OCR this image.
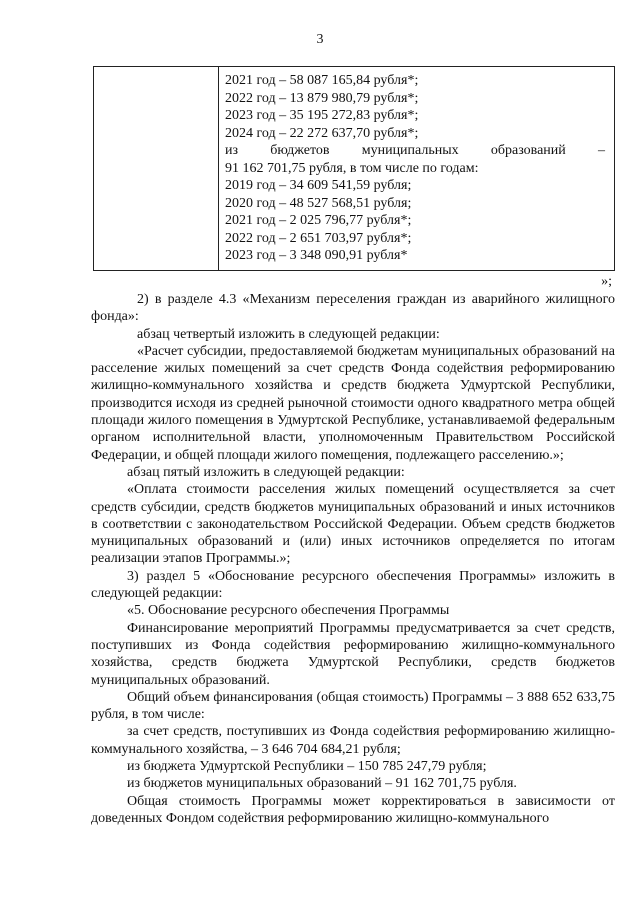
3
2021 год – 58 087 165,84 рубля*;
2022 год – 13 879 980,79 рубля*;
2023 год – 35 195 272,83 рубля*;
2024 год – 22 272 637,70 рубля*;
из бюджетов муниципальных образований –
91 162 701,75 рубля, в том числе по годам:
2019 год – 34 609 541,59 рубля;
2020 год – 48 527 568,51 рубля;
2021 год – 2 025 796,77 рубля*;
2022 год – 2 651 703,97 рубля*;
2023 год – 3 348 090,91 рубля*
»;

2) в разделе 4.3 «Механизм переселения граждан из аварийного жилищного фонда»:

абзац четвертый изложить в следующей редакции:

«Расчет субсидии, предоставляемой бюджетам муниципальных образований на расселение жилых помещений за счет средств Фонда содействия реформированию жилищно-коммунального хозяйства и средств бюджета Удмуртской Республики, производится исходя из средней рыночной стоимости одного квадратного метра общей площади жилого помещения в Удмуртской Республике, устанавливаемой федеральным органом исполнительной власти, уполномоченным Правительством Российской Федерации, и общей площади жилого помещения, подлежащего расселению.»;

абзац пятый изложить в следующей редакции:

«Оплата стоимости расселения жилых помещений осуществляется за счет средств субсидии, средств бюджетов муниципальных образований и иных источников в соответствии с законодательством Российской Федерации. Объем средств бюджетов муниципальных образований и (или) иных источников определяется по итогам реализации этапов Программы.»;

3) раздел 5 «Обоснование ресурсного обеспечения Программы» изложить в следующей редакции:

«5. Обоснование ресурсного обеспечения Программы

Финансирование мероприятий Программы предусматривается за счет средств, поступивших из Фонда содействия реформированию жилищно-коммунального хозяйства, средств бюджета Удмуртской Республики, средств бюджетов муниципальных образований.

Общий объем финансирования (общая стоимость) Программы – 3 888 652 633,75 рубля, в том числе:

за счет средств, поступивших из Фонда содействия реформированию жилищно-коммунального хозяйства, – 3 646 704 684,21 рубля;

из бюджета Удмуртской Республики – 150 785 247,79 рубля;

из бюджетов муниципальных образований – 91 162 701,75 рубля.

Общая стоимость Программы может корректироваться в зависимости от доведенных Фондом содействия реформированию жилищно-коммунального
